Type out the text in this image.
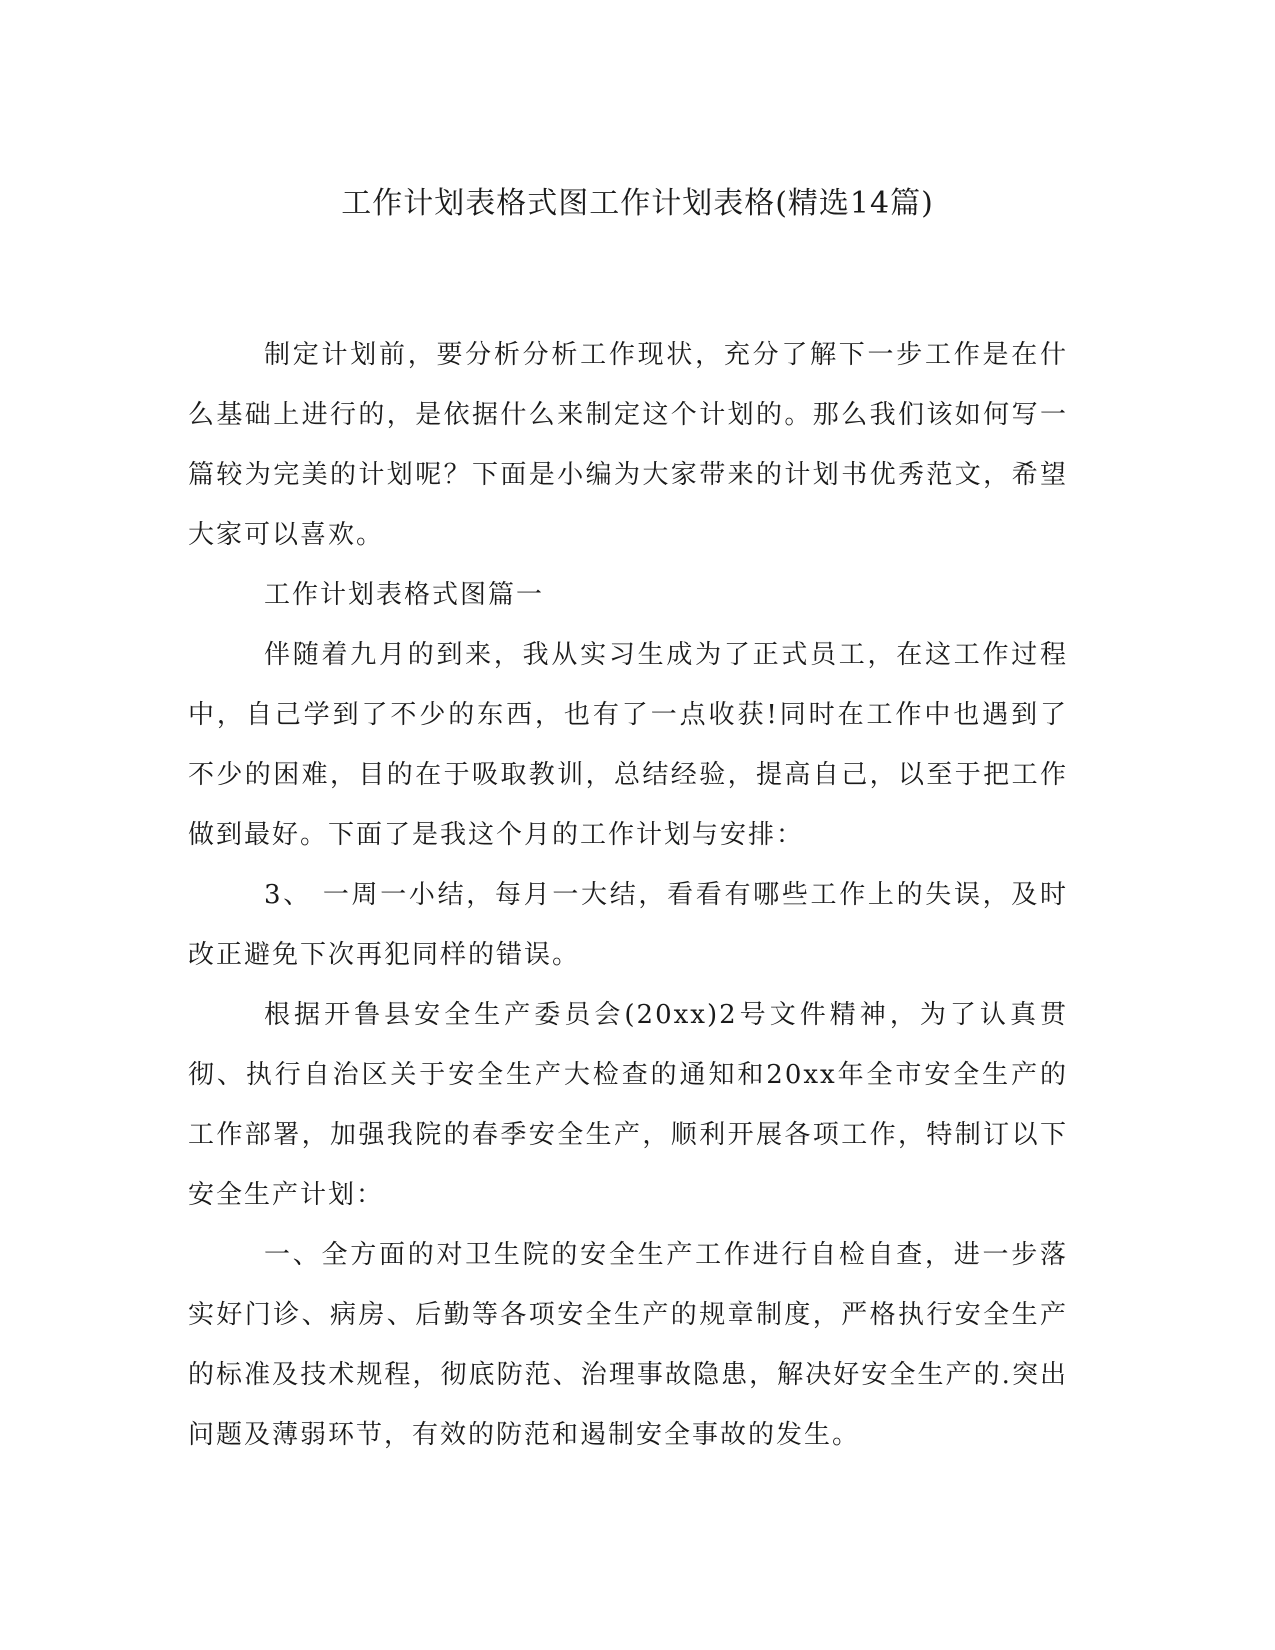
工作计划表格式图工作计划表格(精选14篇)

制定计划前，要分析分析工作现状，充分了解下一步工作是在什么基础上进行的，是依据什么来制定这个计划的。那么我们该如何写一篇较为完美的计划呢？下面是小编为大家带来的计划书优秀范文，希望大家可以喜欢。

工作计划表格式图篇一

伴随着九月的到来，我从实习生成为了正式员工，在这工作过程中，自己学到了不少的东西，也有了一点收获!同时在工作中也遇到了不少的困难，目的在于吸取教训，总结经验，提高自己，以至于把工作做到最好。下面了是我这个月的工作计划与安排：

3、 一周一小结，每月一大结，看看有哪些工作上的失误，及时改正避免下次再犯同样的错误。

根据开鲁县安全生产委员会(20xx)2号文件精神，为了认真贯彻、执行自治区关于安全生产大检查的通知和20xx年全市安全生产的工作部署，加强我院的春季安全生产，顺利开展各项工作，特制订以下安全生产计划：

一、全方面的对卫生院的安全生产工作进行自检自查，进一步落实好门诊、病房、后勤等各项安全生产的规章制度，严格执行安全生产的标准及技术规程，彻底防范、治理事故隐患，解决好安全生产的.突出问题及薄弱环节，有效的防范和遏制安全事故的发生。
